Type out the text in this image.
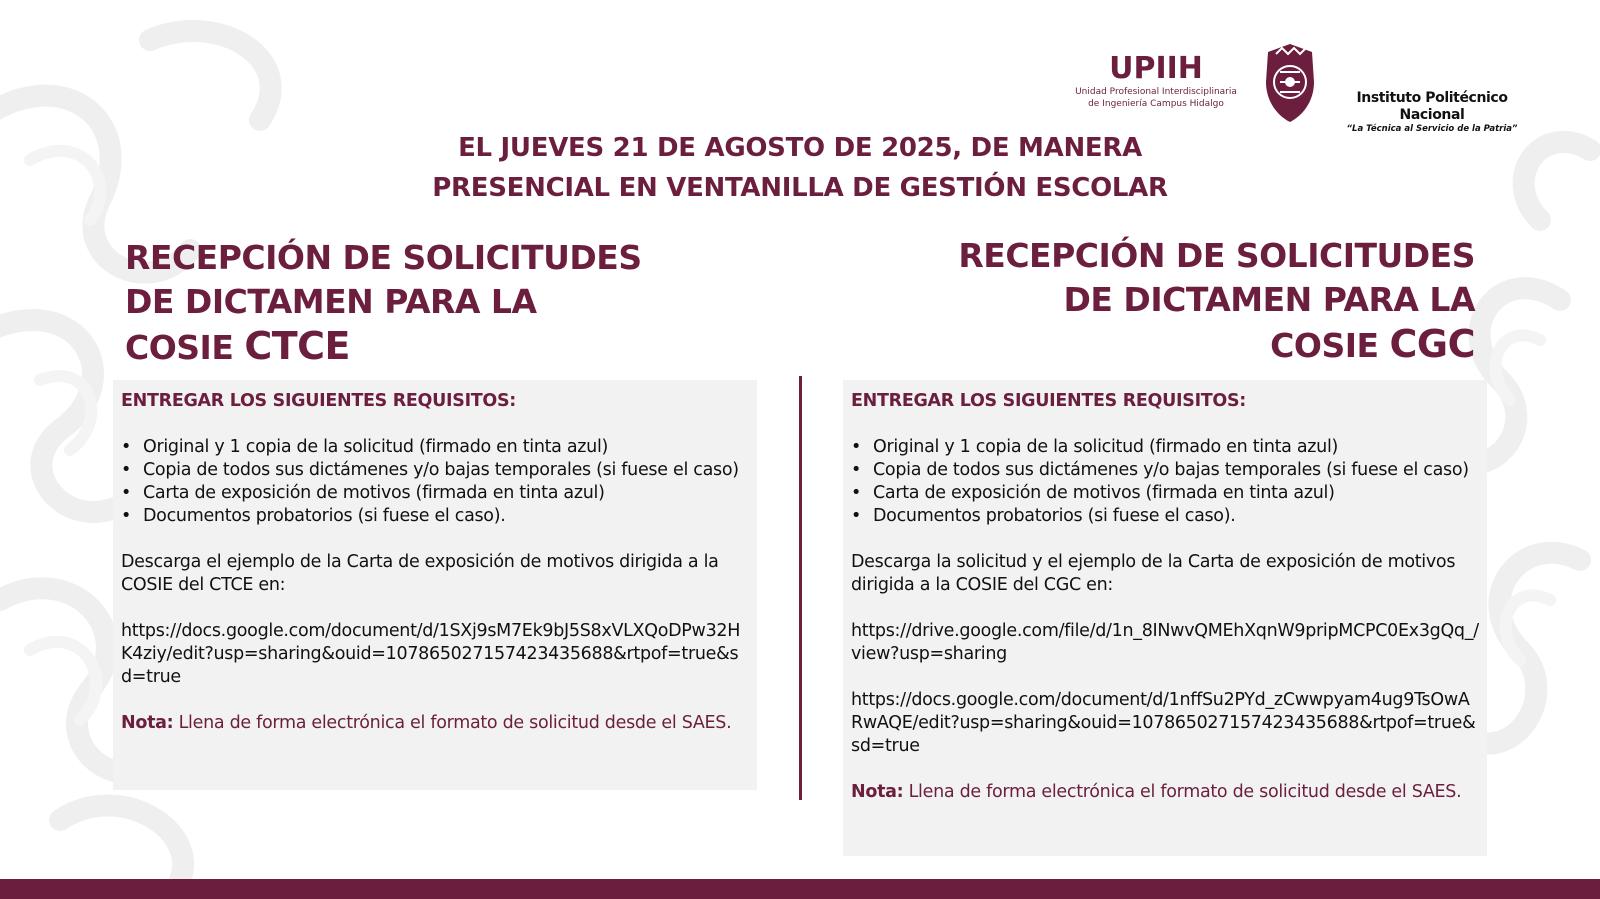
UPIIH
Unidad Profesional Interdisciplinaria
de Ingeniería Campus Hidalgo	Instituto Politécnico Nacional
“La Técnica al Servicio de la Patria”
EL JUEVES 21 DE AGOSTO DE 2025, DE MANERA
PRESENCIAL EN VENTANILLA DE GESTIÓN ESCOLAR
RECEPCIÓN DE SOLICITUDES
DE DICTAMEN PARA LA
COSIE CTCE
RECEPCIÓN DE SOLICITUDES
DE DICTAMEN PARA LA
COSIE CGC
ENTREGAR LOS SIGUIENTES REQUISITOS:
• Original y 1 copia de la solicitud (firmado en tinta azul)
• Copia de todos sus dictámenes y/o bajas temporales (si fuese el caso)
• Carta de exposición de motivos (firmada en tinta azul)
• Documentos probatorios (si fuese el caso).
Descarga el ejemplo de la Carta de exposición de motivos dirigida a la COSIE del CTCE en:
https://docs.google.com/document/d/1SXj9sM7Ek9bJ5S8xVLXQoDPw32HK4ziy/edit?usp=sharing&ouid=107865027157423435688&rtpof=true&sd=true
Nota: Llena de forma electrónica el formato de solicitud desde el SAES.
ENTREGAR LOS SIGUIENTES REQUISITOS:
• Original y 1 copia de la solicitud (firmado en tinta azul)
• Copia de todos sus dictámenes y/o bajas temporales (si fuese el caso)
• Carta de exposición de motivos (firmada en tinta azul)
• Documentos probatorios (si fuese el caso).
Descarga la solicitud y el ejemplo de la Carta de exposición de motivos dirigida a la COSIE del CGC en:
https://drive.google.com/file/d/1n_8INwvQMEhXqnW9pripMCPC0Ex3gQq_/view?usp=sharing
https://docs.google.com/document/d/1nffSu2PYd_zCwwpyam4ug9TsOwARwAQE/edit?usp=sharing&ouid=107865027157423435688&rtpof=true&sd=true
Nota: Llena de forma electrónica el formato de solicitud desde el SAES.
